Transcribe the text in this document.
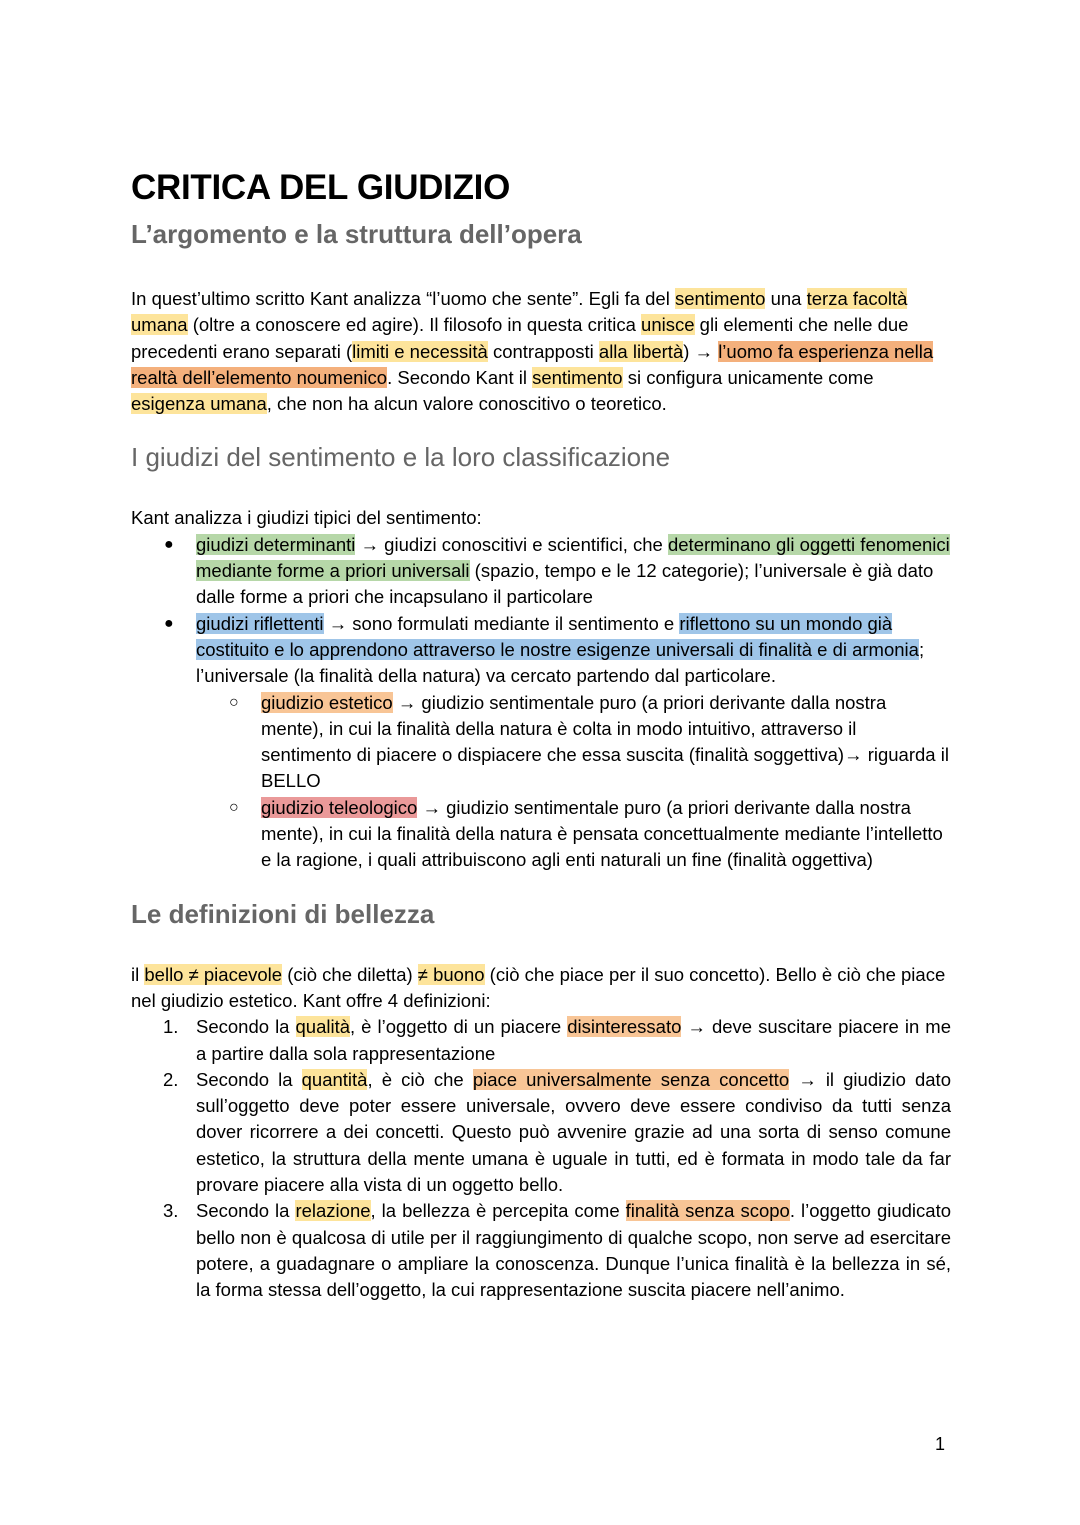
CRITICA DEL GIUDIZIO
L’argomento e la struttura dell’opera

In quest’ultimo scritto Kant analizza “l’uomo che sente”. Egli fa del sentimento una terza facoltà umana (oltre a conoscere ed agire). Il filosofo in questa critica unisce gli elementi che nelle due precedenti erano separati (limiti e necessità contrapposti alla libertà) → l’uomo fa esperienza nella realtà dell’elemento noumenico. Secondo Kant il sentimento si configura unicamente come esigenza umana, che non ha alcun valore conoscitivo o teoretico.

I giudizi del sentimento e la loro classificazione

Kant analizza i giudizi tipici del sentimento:

● giudizi determinanti → giudizi conoscitivi e scientifici, che determinano gli oggetti fenomenici mediante forme a priori universali (spazio, tempo e le 12 categorie); l’universale è già dato dalle forme a priori che incapsulano il particolare
● giudizi riflettenti → sono formulati mediante il sentimento e riflettono su un mondo già costituito e lo apprendono attraverso le nostre esigenze universali di finalità e di armonia; l’universale (la finalità della natura) va cercato partendo dal particolare.
○ giudizio estetico → giudizio sentimentale puro (a priori derivante dalla nostra mente), in cui la finalità della natura è colta in modo intuitivo, attraverso il sentimento di piacere o dispiacere che essa suscita (finalità soggettiva)→ riguarda il BELLO
○ giudizio teleologico → giudizio sentimentale puro (a priori derivante dalla nostra mente), in cui la finalità della natura è pensata concettualmente mediante l’intelletto e la ragione, i quali attribuiscono agli enti naturali un fine (finalità oggettiva)
Le definizioni di bellezza

il bello ≠ piacevole (ciò che diletta) ≠ buono (ciò che piace per il suo concetto). Bello è ciò che piace nel giudizio estetico. Kant offre 4 definizioni:

1. Secondo la qualità, è l’oggetto di un piacere disinteressato → deve suscitare piacere in me a partire dalla sola rappresentazione
2. Secondo la quantità, è ciò che piace universalmente senza concetto → il giudizio dato sull’oggetto deve poter essere universale, ovvero deve essere condiviso da tutti senza dover ricorrere a dei concetti. Questo può avvenire grazie ad una sorta di senso comune estetico, la struttura della mente umana è uguale in tutti, ed è formata in modo tale da far provare piacere alla vista di un oggetto bello.
3. Secondo la relazione, la bellezza è percepita come finalità senza scopo. l’oggetto giudicato bello non è qualcosa di utile per il raggiungimento di qualche scopo, non serve ad esercitare potere, a guadagnare o ampliare la conoscenza. Dunque l’unica finalità è la bellezza in sé, la forma stessa dell’oggetto, la cui rappresentazione suscita piacere nell’animo.
1
